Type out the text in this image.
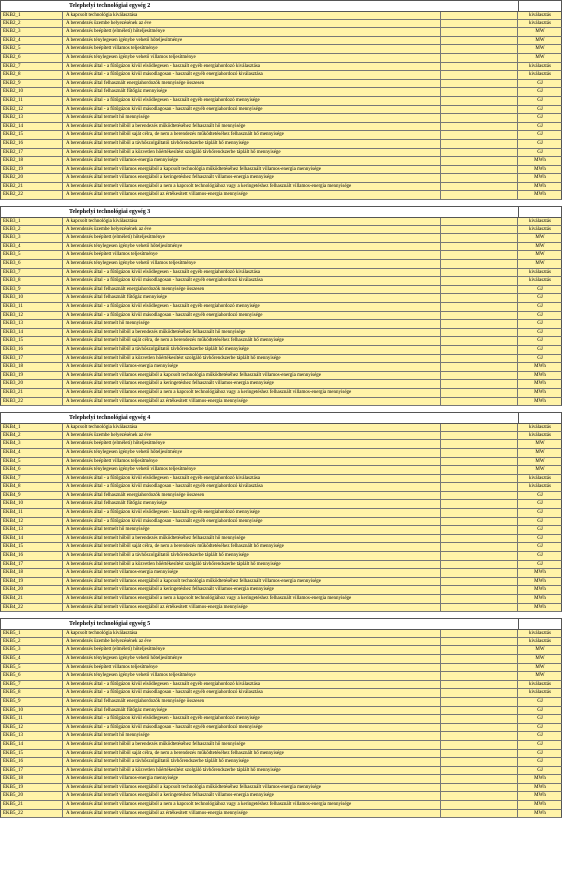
Telephelyi technológiai egység 2
ÉKB2_1	A kapcsolt technológia kiválasztása	kiválasztás
ÉKB2_2	A berendezés üzembe helyezésének az éve	kiválasztás
ÉKB2_3	A berendezés beépített (elméleti) hőteljesítménye	MW
ÉKB2_4	A berendezés ténylegesen igénybe vehető hőteljesítménye	MW
ÉKB2_5	A berendezés beépített villamos teljesítménye	MW
ÉKB2_6	A berendezés ténylegesen igénybe vehető villamos teljesítménye	MW
ÉKB2_7	A berendezés által - a fűtőgázon kívül elsődlegesen - használt egyéb energiahordozó kiválasztása	kiválasztás
ÉKB2_8	A berendezés által - a fűtőgázon kívül másodlagosan - használt egyéb energiahordozó kiválasztása	kiválasztás
ÉKB2_9	A berendezés által felhasznált energiahordozók mennyisége összesen	GJ
ÉKB2_10	A berendezés által felhasznált fűtőgáz mennyisége	GJ
ÉKB2_11	A berendezés által - a fűtőgázon kívül elsődlegesen - használt egyéb energiahordozó mennyisége	GJ
ÉKB2_12	A berendezés által - a fűtőgázon kívül másodlagosan - használt egyéb energiahordozó mennyisége	GJ
ÉKB2_13	A berendezés által termelt hő mennyisége	GJ
ÉKB2_14	A berendezés által termelt hőből a berendezés működtetéséhez felhasznált hő mennyisége	GJ
ÉKB2_15	A berendezés által termelt hőből saját célra, de nem a berendezés működtetéséhez felhasznált hő mennyisége	GJ
ÉKB2_16	A berendezés által termelt hőből a távhőszolgáltatói távhőrendszerbe táplált hő mennyisége	GJ
ÉKB2_17	A berendezés által termelt hőből a közvetlen hőértékesítést szolgáló távhőrendszerbe táplált hő mennyisége	GJ
ÉKB2_18	A berendezés által termelt villamos-energia mennyisége	MWh
ÉKB2_19	A berendezés által termelt villamos energiából a kapcsolt technológia működtetéséhez felhasznált villamos-energia mennyisége	MWh
ÉKB2_20	A berendezés által termelt villamos energiából a keringetéshez felhasznált villamos-energia mennyisége	MWh
ÉKB2_21	A berendezés által termelt villamos energiából a nem a kapcsolt technológiához vagy a keringetéshez felhasznált villamos-energia mennyisége	MWh
ÉKB2_22	A berendezés által termelt villamos energiából az értékesített villamos-energia mennyisége	MWh
Telephelyi technológiai egység 3
ÉKB3_1	A kapcsolt technológia kiválasztása	kiválasztás
ÉKB3_2	A berendezés üzembe helyezésének az éve	kiválasztás
ÉKB3_3	A berendezés beépített (elméleti) hőteljesítménye	MW
ÉKB3_4	A berendezés ténylegesen igénybe vehető hőteljesítménye	MW
ÉKB3_5	A berendezés beépített villamos teljesítménye	MW
ÉKB3_6	A berendezés ténylegesen igénybe vehető villamos teljesítménye	MW
ÉKB3_7	A berendezés által - a fűtőgázon kívül elsődlegesen - használt egyéb energiahordozó kiválasztása	kiválasztás
ÉKB3_8	A berendezés által - a fűtőgázon kívül másodlagosan - használt egyéb energiahordozó kiválasztása	kiválasztás
ÉKB3_9	A berendezés által felhasznált energiahordozók mennyisége összesen	GJ
ÉKB3_10	A berendezés által felhasznált fűtőgáz mennyisége	GJ
ÉKB3_11	A berendezés által - a fűtőgázon kívül elsődlegesen - használt egyéb energiahordozó mennyisége	GJ
ÉKB3_12	A berendezés által - a fűtőgázon kívül másodlagosan - használt egyéb energiahordozó mennyisége	GJ
ÉKB3_13	A berendezés által termelt hő mennyisége	GJ
ÉKB3_14	A berendezés által termelt hőből a berendezés működtetéséhez felhasznált hő mennyisége	GJ
ÉKB3_15	A berendezés által termelt hőből saját célra, de nem a berendezés működtetéséhez felhasznált hő mennyisége	GJ
ÉKB3_16	A berendezés által termelt hőből a távhőszolgáltatói távhőrendszerbe táplált hő mennyisége	GJ
ÉKB3_17	A berendezés által termelt hőből a közvetlen hőértékesítést szolgáló távhőrendszerbe táplált hő mennyisége	GJ
ÉKB3_18	A berendezés által termelt villamos-energia mennyisége	MWh
ÉKB3_19	A berendezés által termelt villamos energiából a kapcsolt technológia működtetéséhez felhasznált villamos-energia mennyisége	MWh
ÉKB3_20	A berendezés által termelt villamos energiából a keringetéshez felhasznált villamos-energia mennyisége	MWh
ÉKB3_21	A berendezés által termelt villamos energiából a nem a kapcsolt technológiához vagy a keringetéshez felhasznált villamos-energia mennyisége	MWh
ÉKB3_22	A berendezés által termelt villamos energiából az értékesített villamos-energia mennyisége	MWh
Telephelyi technológiai egység 4
ÉKB4_1	A kapcsolt technológia kiválasztása	kiválasztás
ÉKB4_2	A berendezés üzembe helyezésének az éve	kiválasztás
ÉKB4_3	A berendezés beépített (elméleti) hőteljesítménye	MW
ÉKB4_4	A berendezés ténylegesen igénybe vehető hőteljesítménye	MW
ÉKB4_5	A berendezés beépített villamos teljesítménye	MW
ÉKB4_6	A berendezés ténylegesen igénybe vehető villamos teljesítménye	MW
ÉKB4_7	A berendezés által - a fűtőgázon kívül elsődlegesen - használt egyéb energiahordozó kiválasztása	kiválasztás
ÉKB4_8	A berendezés által - a fűtőgázon kívül másodlagosan - használt egyéb energiahordozó kiválasztása	kiválasztás
ÉKB4_9	A berendezés által felhasznált energiahordozók mennyisége összesen	GJ
ÉKB4_10	A berendezés által felhasznált fűtőgáz mennyisége	GJ
ÉKB4_11	A berendezés által - a fűtőgázon kívül elsődlegesen - használt egyéb energiahordozó mennyisége	GJ
ÉKB4_12	A berendezés által - a fűtőgázon kívül másodlagosan - használt egyéb energiahordozó mennyisége	GJ
ÉKB4_13	A berendezés által termelt hő mennyisége	GJ
ÉKB4_14	A berendezés által termelt hőből a berendezés működtetéséhez felhasznált hő mennyisége	GJ
ÉKB4_15	A berendezés által termelt hőből saját célra, de nem a berendezés működtetéséhez felhasznált hő mennyisége	GJ
ÉKB4_16	A berendezés által termelt hőből a távhőszolgáltatói távhőrendszerbe táplált hő mennyisége	GJ
ÉKB4_17	A berendezés által termelt hőből a közvetlen hőértékesítést szolgáló távhőrendszerbe táplált hő mennyisége	GJ
ÉKB4_18	A berendezés által termelt villamos-energia mennyisége	MWh
ÉKB4_19	A berendezés által termelt villamos energiából a kapcsolt technológia működtetéséhez felhasznált villamos-energia mennyisége	MWh
ÉKB4_20	A berendezés által termelt villamos energiából a keringetéshez felhasznált villamos-energia mennyisége	MWh
ÉKB4_21	A berendezés által termelt villamos energiából a nem a kapcsolt technológiához vagy a keringetéshez felhasznált villamos-energia mennyisége	MWh
ÉKB4_22	A berendezés által termelt villamos energiából az értékesített villamos-energia mennyisége	MWh
Telephelyi technológiai egység 5
ÉKB5_1	A kapcsolt technológia kiválasztása	kiválasztás
ÉKB5_2	A berendezés üzembe helyezésének az éve	kiválasztás
ÉKB5_3	A berendezés beépített (elméleti) hőteljesítménye	MW
ÉKB5_4	A berendezés ténylegesen igénybe vehető hőteljesítménye	MW
ÉKB5_5	A berendezés beépített villamos teljesítménye	MW
ÉKB5_6	A berendezés ténylegesen igénybe vehető villamos teljesítménye	MW
ÉKB5_7	A berendezés által - a fűtőgázon kívül elsődlegesen - használt egyéb energiahordozó kiválasztása	kiválasztás
ÉKB5_8	A berendezés által - a fűtőgázon kívül másodlagosan - használt egyéb energiahordozó kiválasztása	kiválasztás
ÉKB5_9	A berendezés által felhasznált energiahordozók mennyisége összesen	GJ
ÉKB5_10	A berendezés által felhasznált fűtőgáz mennyisége	GJ
ÉKB5_11	A berendezés által - a fűtőgázon kívül elsődlegesen - használt egyéb energiahordozó mennyisége	GJ
ÉKB5_12	A berendezés által - a fűtőgázon kívül másodlagosan - használt egyéb energiahordozó mennyisége	GJ
ÉKB5_13	A berendezés által termelt hő mennyisége	GJ
ÉKB5_14	A berendezés által termelt hőből a berendezés működtetéséhez felhasznált hő mennyisége	GJ
ÉKB5_15	A berendezés által termelt hőből saját célra, de nem a berendezés működtetéséhez felhasznált hő mennyisége	GJ
ÉKB5_16	A berendezés által termelt hőből a távhőszolgáltatói távhőrendszerbe táplált hő mennyisége	GJ
ÉKB5_17	A berendezés által termelt hőből a közvetlen hőértékesítést szolgáló távhőrendszerbe táplált hő mennyisége	GJ
ÉKB5_18	A berendezés által termelt villamos-energia mennyisége	MWh
ÉKB5_19	A berendezés által termelt villamos energiából a kapcsolt technológia működtetéséhez felhasznált villamos-energia mennyisége	MWh
ÉKB5_20	A berendezés által termelt villamos energiából a keringetéshez felhasznált villamos-energia mennyisége	MWh
ÉKB5_21	A berendezés által termelt villamos energiából a nem a kapcsolt technológiához vagy a keringetéshez felhasznált villamos-energia mennyisége	MWh
ÉKB5_22	A berendezés által termelt villamos energiából az értékesített villamos-energia mennyisége	MWh
